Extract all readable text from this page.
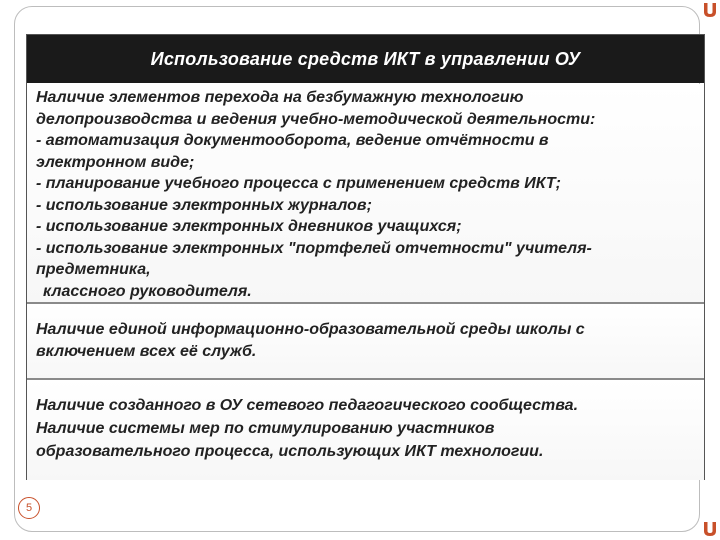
Использование средств ИКТ в управлении ОУ

Наличие элементов перехода на безбумажную технологию

делопроизводства и ведения учебно-методической деятельности:

- автоматизация документооборота, ведение отчётности в

электронном виде;

- планирование учебного процесса с применением средств ИКТ;

- использование электронных журналов;

- использование электронных дневников учащихся;

- использование электронных "портфелей отчетности" учителя-

предметника,

классного руководителя.

Наличие единой информационно-образовательной среды школы с

включением всех её служб.

Наличие созданного в ОУ сетевого педагогического сообщества.

Наличие системы мер по стимулированию участников

образовательного процесса, использующих ИКТ технологии.

5
